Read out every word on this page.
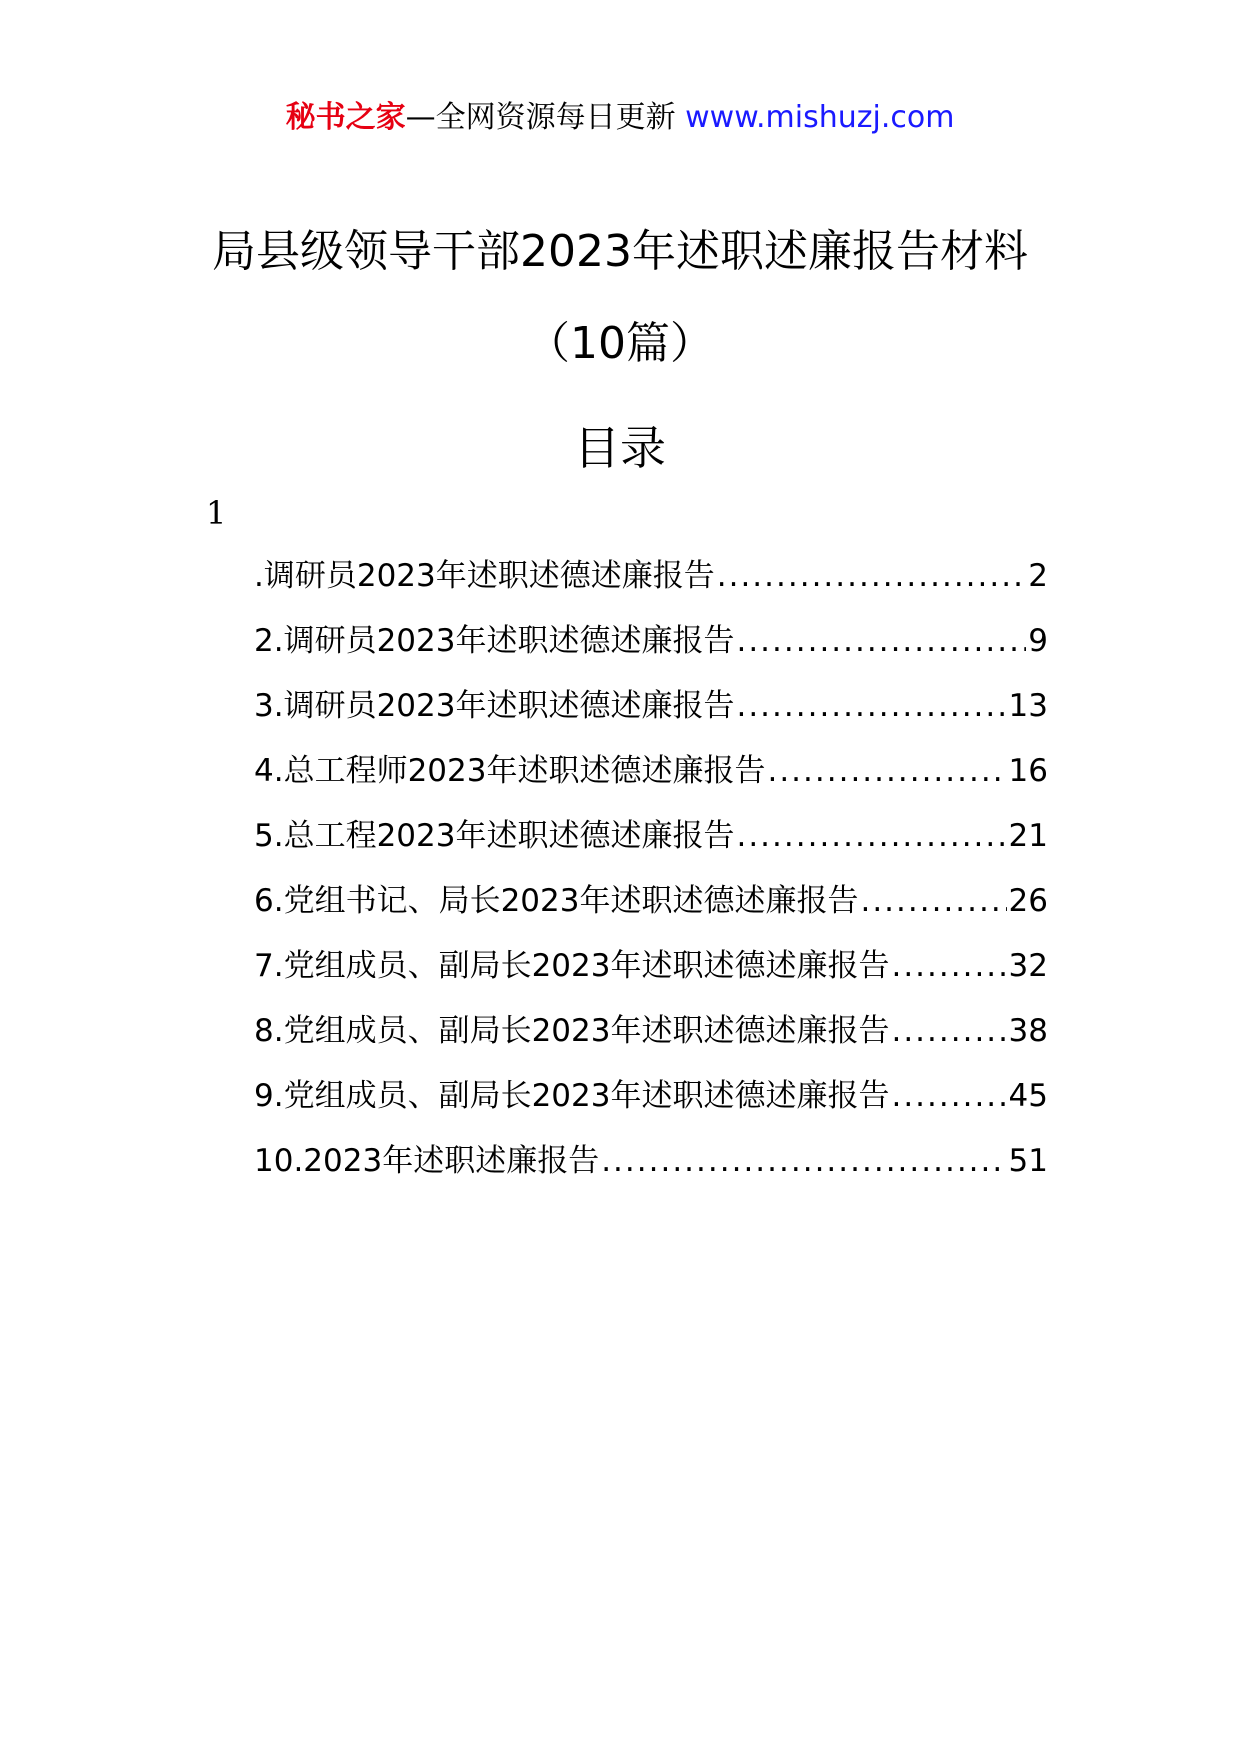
秘书之家—全网资源每日更新 www.mishuzj.com
局县级领导干部2023年述职述廉报告材料
（10篇）
目录
1
.调研员2023年述职述德述廉报告 .....	2
2.调研员2023年述职述德述廉报告 .....	9
3.调研员2023年述职述德述廉报告 .....	13
4.总工程师2023年述职述德述廉报告 .....	16
5.总工程2023年述职述德述廉报告 .....	21
6.党组书记、局长2023年述职述德述廉报告 .....	26
7.党组成员、副局长2023年述职述德述廉报告 .....	32
8.党组成员、副局长2023年述职述德述廉报告 .....	38
9.党组成员、副局长2023年述职述德述廉报告 .....	45
10.2023年述职述廉报告 .....	51
